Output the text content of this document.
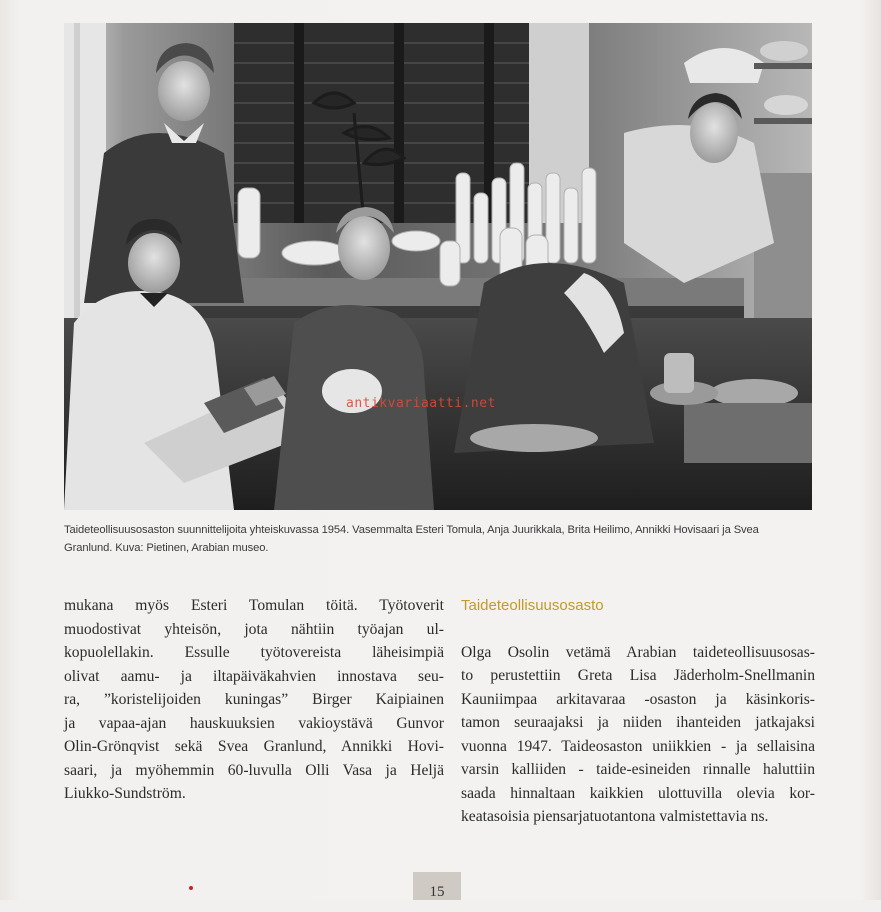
antikvariaatti.net
Taideteollisuusosaston suunnittelijoita yhteiskuvassa 1954. Vasemmalta Esteri Tomula, Anja Juurikkala, Brita Heilimo, Annikki Hovisaari ja Svea
Granlund. Kuva: Pietinen, Arabian museo.

mukana myös Esteri Tomulan töitä. Työtoverit

muodostivat yhteisön, jota nähtiin työajan ul-

kopuolellakin. Essulle työtovereista läheisimpiä

olivat aamu- ja iltapäiväkahvien innostava seu-

ra, ”koristelijoiden kuningas” Birger Kaipiainen

ja vapaa-ajan hauskuuksien vakioystävä Gunvor

Olin-Grönqvist sekä Svea Granlund, Annikki Hovi-

saari, ja myöhemmin 60-luvulla Olli Vasa ja Heljä

Liukko-Sundström.

Taideteollisuusosasto

Olga Osolin vetämä Arabian taideteollisuusosas-

to perustettiin Greta Lisa Jäderholm-Snellmanin

Kauniimpaa arkitavaraa -osaston ja käsinkoris-

tamon seuraajaksi ja niiden ihanteiden jatkajaksi

vuonna 1947. Taideosaston uniikkien - ja sellaisina

varsin kalliiden - taide-esineiden rinnalle haluttiin

saada hinnaltaan kaikkien ulottuvilla olevia kor-

keatasoisia piensarjatuotantona valmistettavia ns.

15
